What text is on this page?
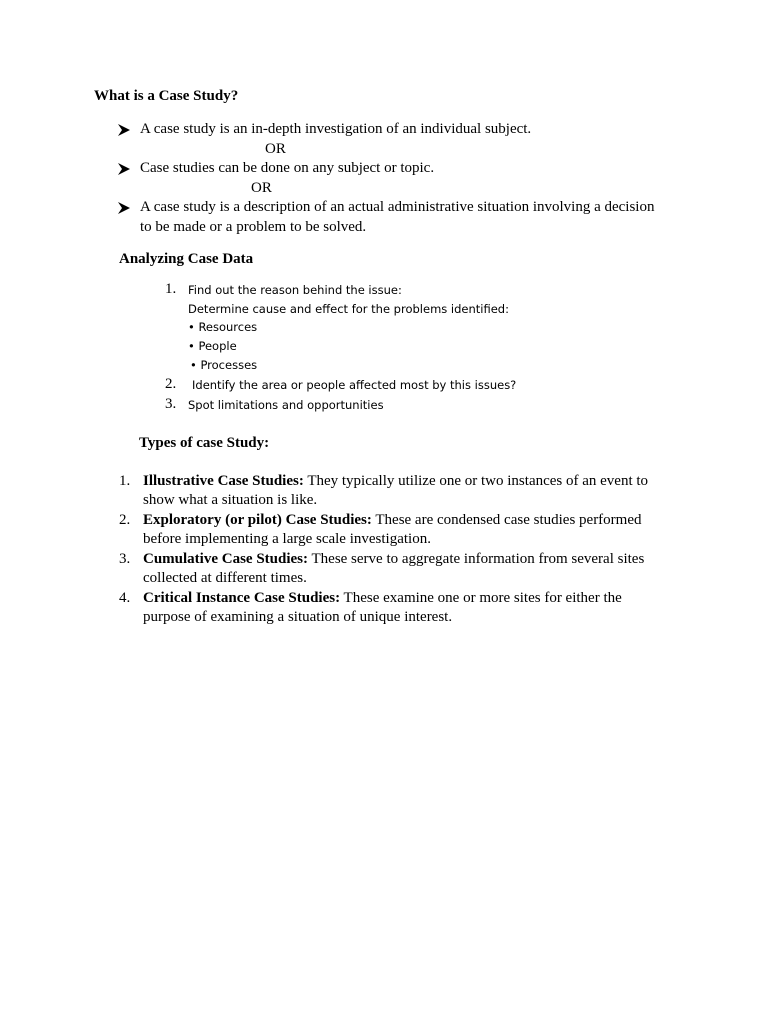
What is a Case Study?
A case study is an in-depth investigation of an individual subject.
OR
Case studies can be done on any subject or topic.
OR
A case study is a description of an actual administrative situation involving a decision
to be made or a problem to be solved.
Analyzing Case Data
1. Find out the reason behind the issue:
Determine cause and effect for the problems identified:
• Resources
• People
• Processes
2. Identify the area or people affected most by this issues?
3. Spot limitations and opportunities
Types of case Study:
1. Illustrative Case Studies: They typically utilize one or two instances of an event to
show what a situation is like.
2. Exploratory (or pilot) Case Studies: These are condensed case studies performed
before implementing a large scale investigation.
3. Cumulative Case Studies: These serve to aggregate information from several sites
collected at different times.
4. Critical Instance Case Studies: These examine one or more sites for either the
purpose of examining a situation of unique interest.
